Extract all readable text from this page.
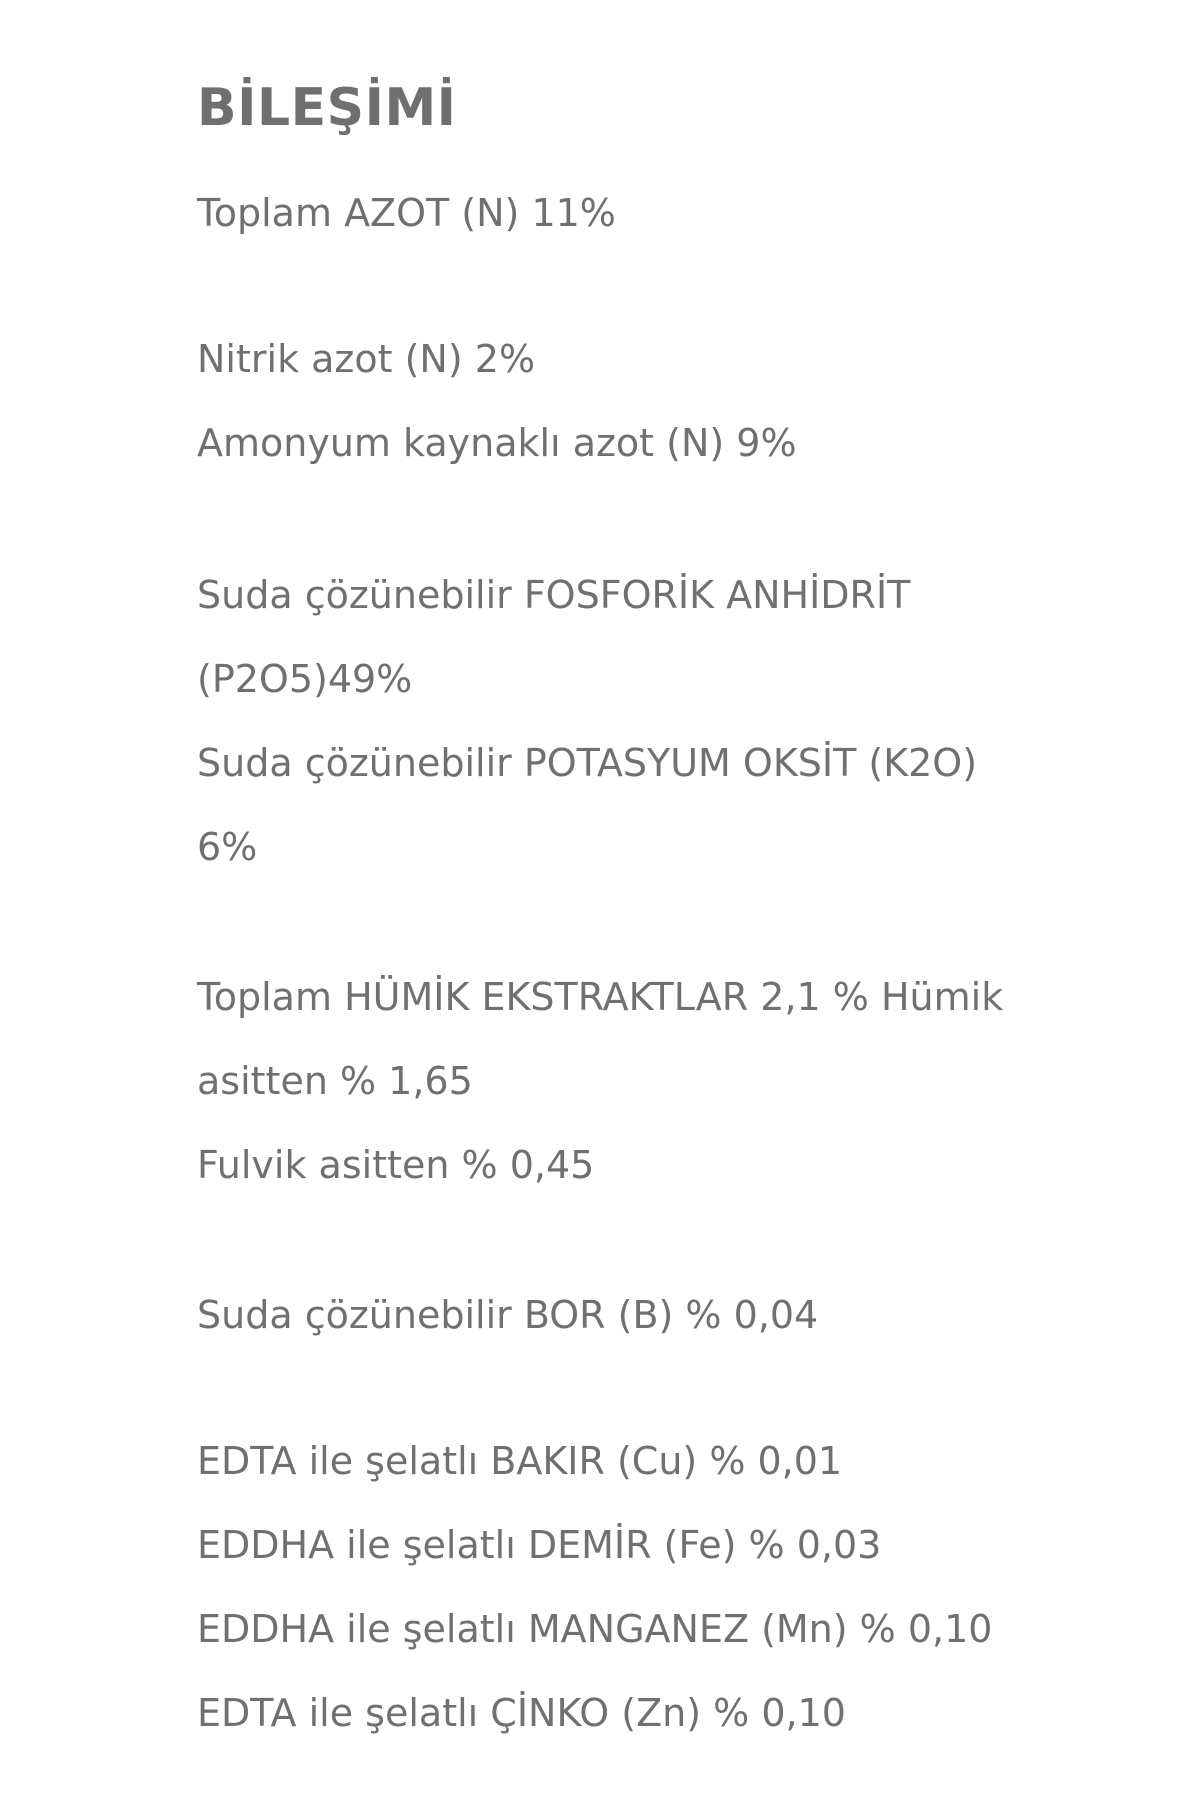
BİLEŞİMİ
Toplam AZOT (N) 11%
Nitrik azot (N) 2%
Amonyum kaynaklı azot (N) 9%
Suda çözünebilir FOSFORİK ANHİDRİT
(P2O5)49%
Suda çözünebilir POTASYUM OKSİT (K2O)
6%
Toplam HÜMİK EKSTRAKTLAR 2,1 % Hümik
asitten % 1,65
Fulvik asitten % 0,45
Suda çözünebilir BOR (B) % 0,04
EDTA ile şelatlı BAKIR (Cu) % 0,01
EDDHA ile şelatlı DEMİR (Fe) % 0,03
EDDHA ile şelatlı MANGANEZ (Mn) % 0,10
EDTA ile şelatlı ÇİNKO (Zn) % 0,10
